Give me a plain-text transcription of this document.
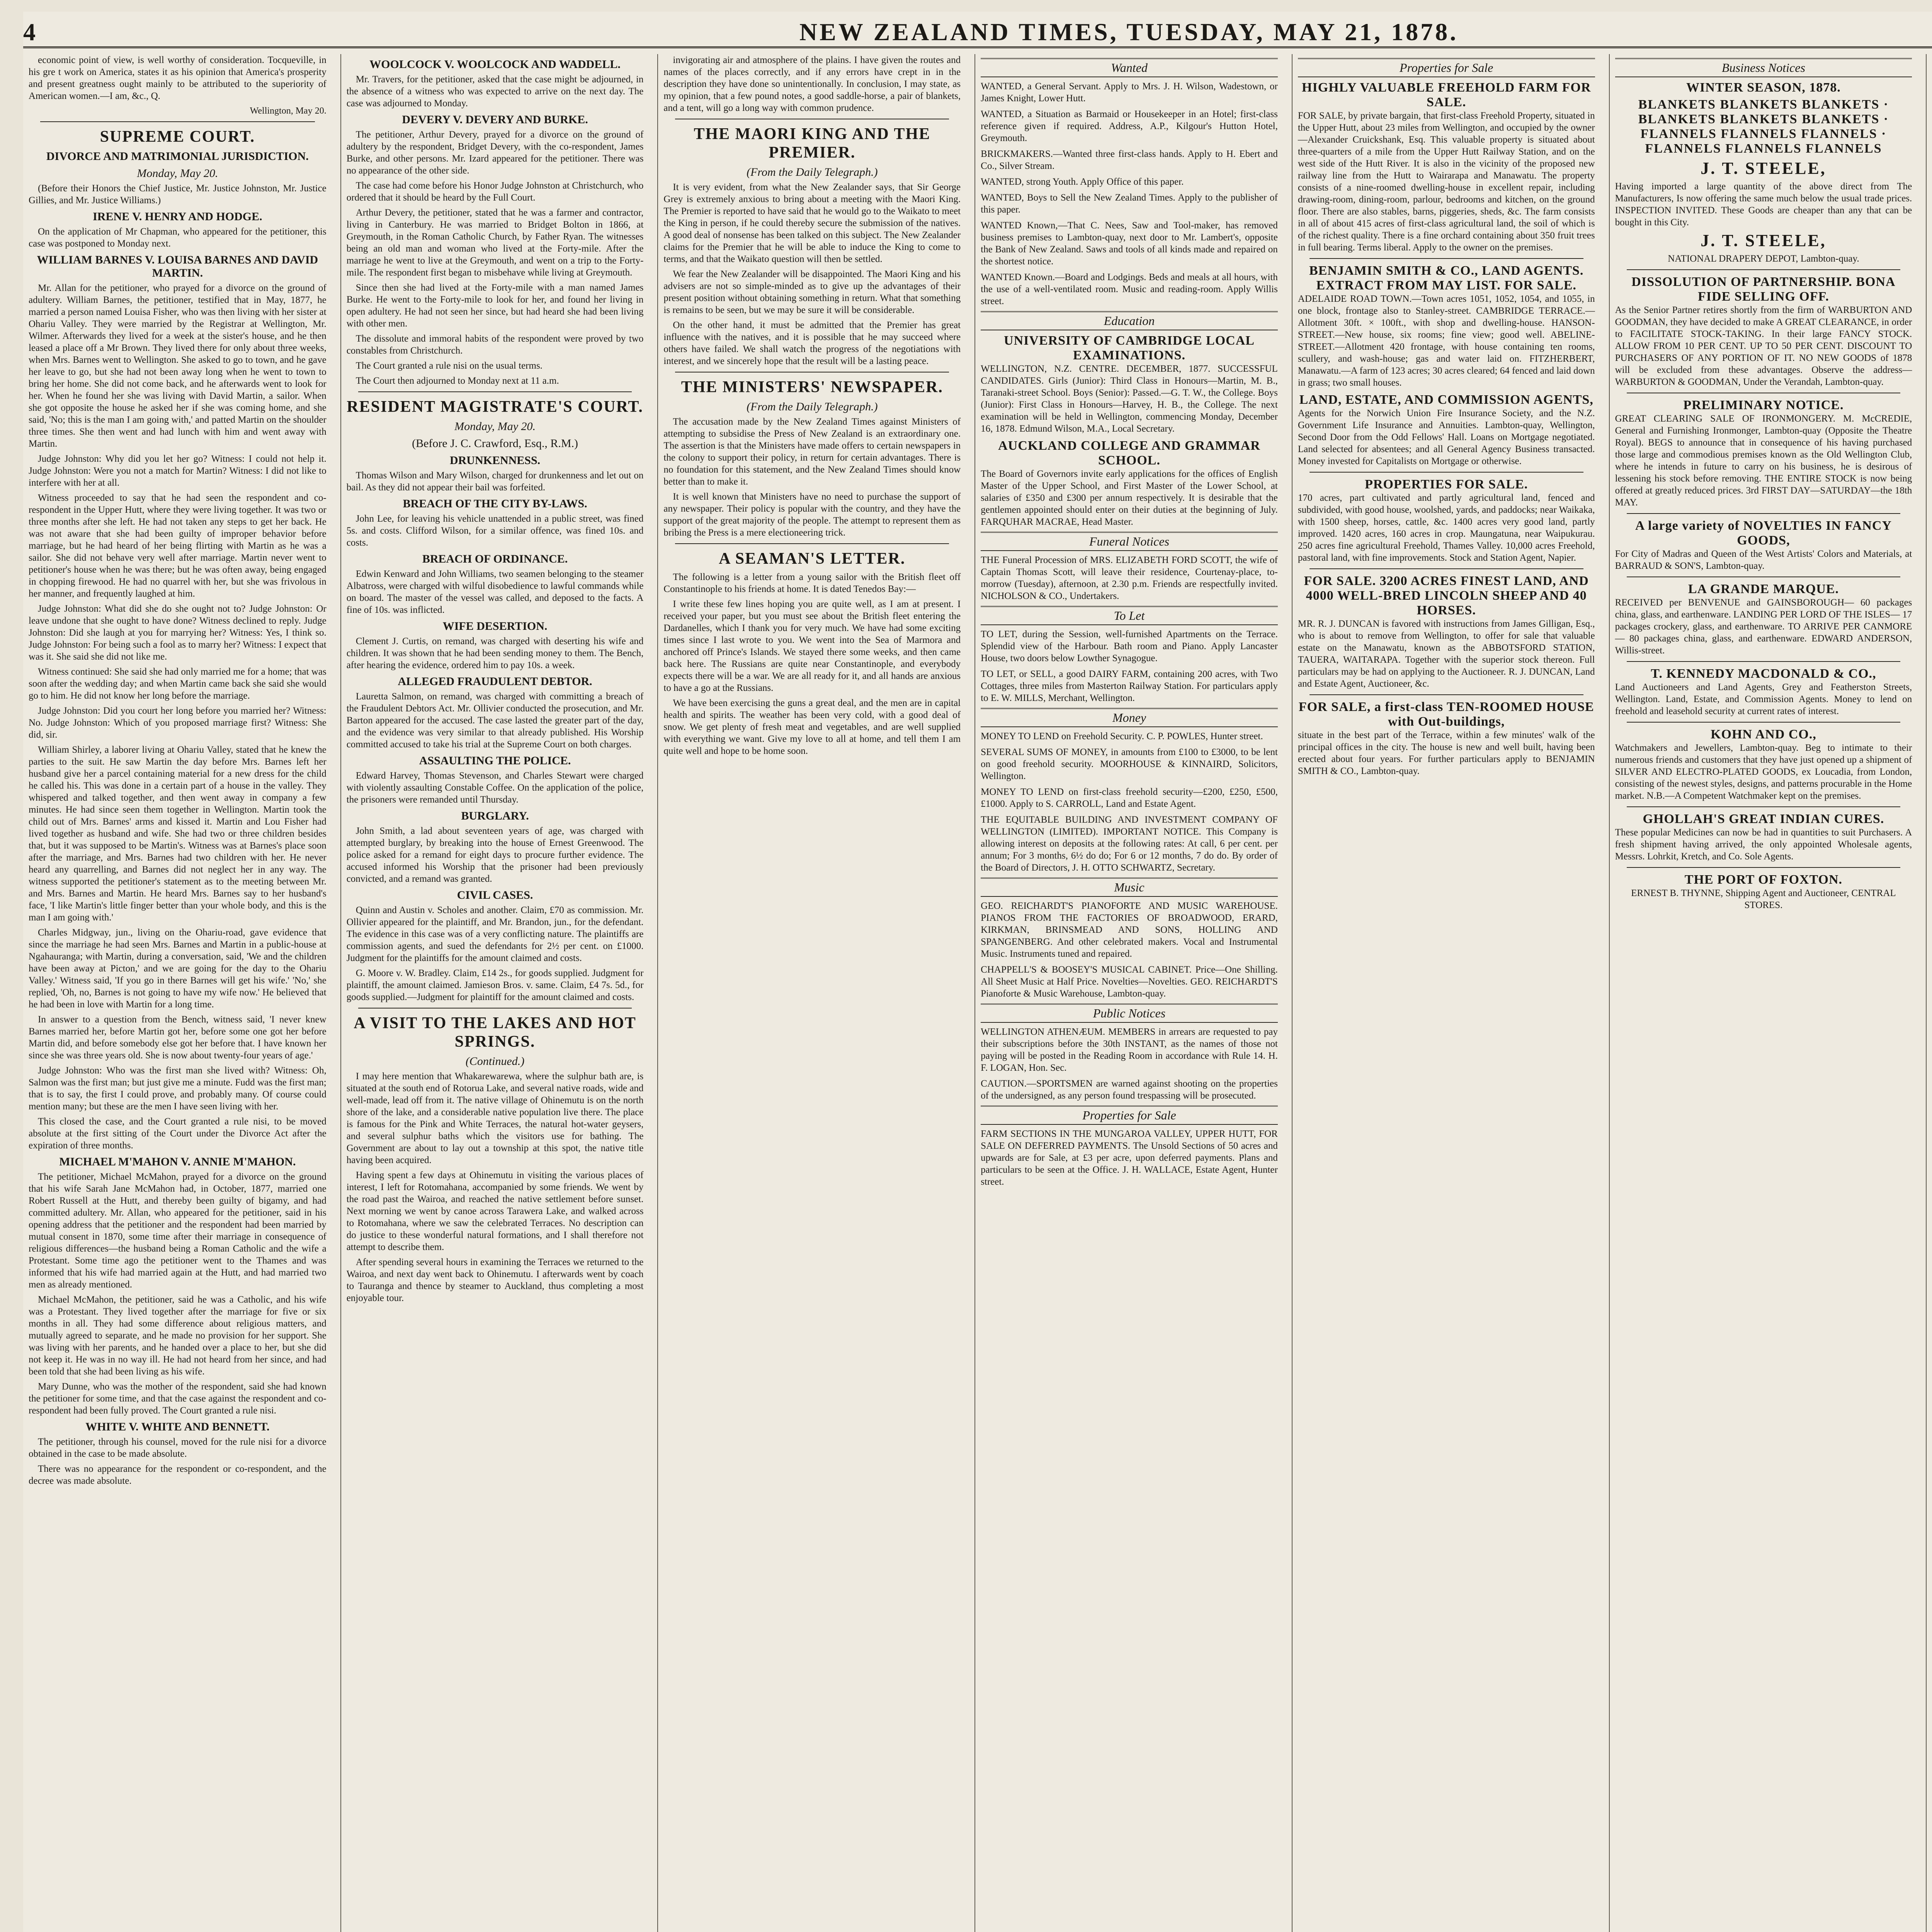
4	NEW ZEALAND TIMES, TUESDAY, MAY 21, 1878.

economic point of view, is well worthy of consideration. Tocqueville, in his gre t work on America, states it as his opinion that America's prosperity and present greatness ought mainly to be attributed to the superiority of American women.—I am, &c., Q.

Wellington, May 20.
SUPREME COURT.
DIVORCE AND MATRIMONIAL JURISDICTION.
Monday, May 20.

(Before their Honors the Chief Justice, Mr. Justice Johnston, Mr. Justice Gillies, and Mr. Justice Williams.)

IRENE V. HENRY AND HODGE.

On the application of Mr Chapman, who appeared for the petitioner, this case was postponed to Monday next.

WILLIAM BARNES V. LOUISA BARNES AND DAVID MARTIN.

Mr. Allan for the petitioner, who prayed for a divorce on the ground of adultery. William Barnes, the petitioner, testified that in May, 1877, he married a person named Louisa Fisher, who was then living with her sister at Ohariu Valley. They were married by the Registrar at Wellington, Mr. Wilmer. Afterwards they lived for a week at the sister's house, and he then leased a place off a Mr Brown. They lived there for only about three weeks, when Mrs. Barnes went to Wellington. She asked to go to town, and he gave her leave to go, but she had not been away long when he went to town to bring her home. She did not come back, and he afterwards went to look for her. When he found her she was living with David Martin, a sailor. When she got opposite the house he asked her if she was coming home, and she said, 'No; this is the man I am going with,' and patted Martin on the shoulder three times. She then went and had lunch with him and went away with Martin.

Judge Johnston: Why did you let her go? Witness: I could not help it. Judge Johnston: Were you not a match for Martin? Witness: I did not like to interfere with her at all.

Witness proceeded to say that he had seen the respondent and co-respondent in the Upper Hutt, where they were living together. It was two or three months after she left. He had not taken any steps to get her back. He was not aware that she had been guilty of improper behavior before marriage, but he had heard of her being flirting with Martin as he was a sailor. She did not behave very well after marriage. Martin never went to petitioner's house when he was there; but he was often away, being engaged in chopping firewood. He had no quarrel with her, but she was frivolous in her manner, and frequently laughed at him.

Judge Johnston: What did she do she ought not to? Judge Johnston: Or leave undone that she ought to have done? Witness declined to reply. Judge Johnston: Did she laugh at you for marrying her? Witness: Yes, I think so. Judge Johnston: For being such a fool as to marry her? Witness: I expect that was it. She said she did not like me.

Witness continued: She said she had only married me for a home; that was soon after the wedding day; and when Martin came back she said she would go to him. He did not know her long before the marriage.

Judge Johnston: Did you court her long before you married her? Witness: No. Judge Johnston: Which of you proposed marriage first? Witness: She did, sir.

William Shirley, a laborer living at Ohariu Valley, stated that he knew the parties to the suit. He saw Martin the day before Mrs. Barnes left her husband give her a parcel containing material for a new dress for the child he called his. This was done in a certain part of a house in the valley. They whispered and talked together, and then went away in company a few minutes. He had since seen them together in Wellington. Martin took the child out of Mrs. Barnes' arms and kissed it. Martin and Lou Fisher had lived together as husband and wife. She had two or three children besides that, but it was supposed to be Martin's. Witness was at Barnes's place soon after the marriage, and Mrs. Barnes had two children with her. He never heard any quarrelling, and Barnes did not neglect her in any way. The witness supported the petitioner's statement as to the meeting between Mr. and Mrs. Barnes and Martin. He heard Mrs. Barnes say to her husband's face, 'I like Martin's little finger better than your whole body, and this is the man I am going with.'

Charles Midgway, jun., living on the Ohariu-road, gave evidence that since the marriage he had seen Mrs. Barnes and Martin in a public-house at Ngahauranga; with Martin, during a conversation, said, 'We and the children have been away at Picton,' and we are going for the day to the Ohariu Valley.' Witness said, 'If you go in there Barnes will get his wife.' 'No,' she replied, 'Oh, no, Barnes is not going to have my wife now.' He believed that he had been in love with Martin for a long time.

In answer to a question from the Bench, witness said, 'I never knew Barnes married her, before Martin got her, before some one got her before Martin did, and before somebody else got her before that. I have known her since she was three years old. She is now about twenty-four years of age.'

Judge Johnston: Who was the first man she lived with? Witness: Oh, Salmon was the first man; but just give me a minute. Fudd was the first man; that is to say, the first I could prove, and probably many. Of course could mention many; but these are the men I have seen living with her.

This closed the case, and the Court granted a rule nisi, to be moved absolute at the first sitting of the Court under the Divorce Act after the expiration of three months.

MICHAEL M'MAHON V. ANNIE M'MAHON.

The petitioner, Michael McMahon, prayed for a divorce on the ground that his wife Sarah Jane McMahon had, in October, 1877, married one Robert Russell at the Hutt, and thereby been guilty of bigamy, and had committed adultery. Mr. Allan, who appeared for the petitioner, said in his opening address that the petitioner and the respondent had been married by mutual consent in 1870, some time after their marriage in consequence of religious differences—the husband being a Roman Catholic and the wife a Protestant. Some time ago the petitioner went to the Thames and was informed that his wife had married again at the Hutt, and had married two men as already mentioned.

Michael McMahon, the petitioner, said he was a Catholic, and his wife was a Protestant. They lived together after the marriage for five or six months in all. They had some difference about religious matters, and mutually agreed to separate, and he made no provision for her support. She was living with her parents, and he handed over a place to her, but she did not keep it. He was in no way ill. He had not heard from her since, and had been told that she had been living as his wife.

Mary Dunne, who was the mother of the respondent, said she had known the petitioner for some time, and that the case against the respondent and co-respondent had been fully proved. The Court granted a rule nisi.

WHITE V. WHITE AND BENNETT.

The petitioner, through his counsel, moved for the rule nisi for a divorce obtained in the case to be made absolute.

There was no appearance for the respondent or co-respondent, and the decree was made absolute.

WOOLCOCK V. WOOLCOCK AND WADDELL.

Mr. Travers, for the petitioner, asked that the case might be adjourned, in the absence of a witness who was expected to arrive on the next day. The case was adjourned to Monday.

DEVERY V. DEVERY AND BURKE.

The petitioner, Arthur Devery, prayed for a divorce on the ground of adultery by the respondent, Bridget Devery, with the co-respondent, James Burke, and other persons. Mr. Izard appeared for the petitioner. There was no appearance of the other side.

The case had come before his Honor Judge Johnston at Christchurch, who ordered that it should be heard by the Full Court.

Arthur Devery, the petitioner, stated that he was a farmer and contractor, living in Canterbury. He was married to Bridget Bolton in 1866, at Greymouth, in the Roman Catholic Church, by Father Ryan. The witnesses being an old man and woman who lived at the Forty-mile. After the marriage he went to live at the Greymouth, and went on a trip to the Forty-mile. The respondent first began to misbehave while living at Greymouth.

Since then she had lived at the Forty-mile with a man named James Burke. He went to the Forty-mile to look for her, and found her living in open adultery. He had not seen her since, but had heard she had been living with other men.

The dissolute and immoral habits of the respondent were proved by two constables from Christchurch.

The Court granted a rule nisi on the usual terms.

The Court then adjourned to Monday next at 11 a.m.

RESIDENT MAGISTRATE'S COURT.
Monday, May 20.
(Before J. C. Crawford, Esq., R.M.)
DRUNKENNESS.

Thomas Wilson and Mary Wilson, charged for drunkenness and let out on bail. As they did not appear their bail was forfeited.

BREACH OF THE CITY BY-LAWS.

John Lee, for leaving his vehicle unattended in a public street, was fined 5s. and costs. Clifford Wilson, for a similar offence, was fined 10s. and costs.

BREACH OF ORDINANCE.

Edwin Kenward and John Williams, two seamen belonging to the steamer Albatross, were charged with wilful disobedience to lawful commands while on board. The master of the vessel was called, and deposed to the facts. A fine of 10s. was inflicted.

WIFE DESERTION.

Clement J. Curtis, on remand, was charged with deserting his wife and children. It was shown that he had been sending money to them. The Bench, after hearing the evidence, ordered him to pay 10s. a week.

ALLEGED FRAUDULENT DEBTOR.

Lauretta Salmon, on remand, was charged with committing a breach of the Fraudulent Debtors Act. Mr. Ollivier conducted the prosecution, and Mr. Barton appeared for the accused. The case lasted the greater part of the day, and the evidence was very similar to that already published. His Worship committed accused to take his trial at the Supreme Court on both charges.

ASSAULTING THE POLICE.

Edward Harvey, Thomas Stevenson, and Charles Stewart were charged with violently assaulting Constable Coffee. On the application of the police, the prisoners were remanded until Thursday.

BURGLARY.

John Smith, a lad about seventeen years of age, was charged with attempted burglary, by breaking into the house of Ernest Greenwood. The police asked for a remand for eight days to procure further evidence. The accused informed his Worship that the prisoner had been previously convicted, and a remand was granted.

CIVIL CASES.

Quinn and Austin v. Scholes and another. Claim, £70 as commission. Mr. Ollivier appeared for the plaintiff, and Mr. Brandon, jun., for the defendant. The evidence in this case was of a very conflicting nature. The plaintiffs are commission agents, and sued the defendants for 2½ per cent. on £1000. Judgment for the plaintiffs for the amount claimed and costs.

G. Moore v. W. Bradley. Claim, £14 2s., for goods supplied. Judgment for plaintiff, the amount claimed. Jamieson Bros. v. same. Claim, £4 7s. 5d., for goods supplied.—Judgment for plaintiff for the amount claimed and costs.

A VISIT TO THE LAKES AND HOT SPRINGS.
(Continued.)

I may here mention that Whakarewarewa, where the sulphur bath are, is situated at the south end of Rotorua Lake, and several native roads, wide and well-made, lead off from it. The native village of Ohinemutu is on the north shore of the lake, and a considerable native population live there. The place is famous for the Pink and White Terraces, the natural hot-water geysers, and several sulphur baths which the visitors use for bathing. The Government are about to lay out a township at this spot, the native title having been acquired.

Having spent a few days at Ohinemutu in visiting the various places of interest, I left for Rotomahana, accompanied by some friends. We went by the road past the Wairoa, and reached the native settlement before sunset. Next morning we went by canoe across Tarawera Lake, and walked across to Rotomahana, where we saw the celebrated Terraces. No description can do justice to these wonderful natural formations, and I shall therefore not attempt to describe them.

After spending several hours in examining the Terraces we returned to the Wairoa, and next day went back to Ohinemutu. I afterwards went by coach to Tauranga and thence by steamer to Auckland, thus completing a most enjoyable tour.

invigorating air and atmosphere of the plains. I have given the routes and names of the places correctly, and if any errors have crept in in the description they have done so unintentionally. In conclusion, I may state, as my opinion, that a few pound notes, a good saddle-horse, a pair of blankets, and a tent, will go a long way with common prudence.

THE MAORI KING AND THE PREMIER.
(From the Daily Telegraph.)

It is very evident, from what the New Zealander says, that Sir George Grey is extremely anxious to bring about a meeting with the Maori King. The Premier is reported to have said that he would go to the Waikato to meet the King in person, if he could thereby secure the submission of the natives. A good deal of nonsense has been talked on this subject. The New Zealander claims for the Premier that he will be able to induce the King to come to terms, and that the Waikato question will then be settled.

We fear the New Zealander will be disappointed. The Maori King and his advisers are not so simple-minded as to give up the advantages of their present position without obtaining something in return. What that something is remains to be seen, but we may be sure it will be considerable.

On the other hand, it must be admitted that the Premier has great influence with the natives, and it is possible that he may succeed where others have failed. We shall watch the progress of the negotiations with interest, and we sincerely hope that the result will be a lasting peace.

THE MINISTERS' NEWSPAPER.
(From the Daily Telegraph.)

The accusation made by the New Zealand Times against Ministers of attempting to subsidise the Press of New Zealand is an extraordinary one. The assertion is that the Ministers have made offers to certain newspapers in the colony to support their policy, in return for certain advantages. There is no foundation for this statement, and the New Zealand Times should know better than to make it.

It is well known that Ministers have no need to purchase the support of any newspaper. Their policy is popular with the country, and they have the support of the great majority of the people. The attempt to represent them as bribing the Press is a mere electioneering trick.

A SEAMAN'S LETTER.

The following is a letter from a young sailor with the British fleet off Constantinople to his friends at home. It is dated Tenedos Bay:—

I write these few lines hoping you are quite well, as I am at present. I received your paper, but you must see about the British fleet entering the Dardanelles, which I thank you for very much. We have had some exciting times since I last wrote to you. We went into the Sea of Marmora and anchored off Prince's Islands. We stayed there some weeks, and then came back here. The Russians are quite near Constantinople, and everybody expects there will be a war. We are all ready for it, and all hands are anxious to have a go at the Russians.

We have been exercising the guns a great deal, and the men are in capital health and spirits. The weather has been very cold, with a good deal of snow. We get plenty of fresh meat and vegetables, and are well supplied with everything we want. Give my love to all at home, and tell them I am quite well and hope to be home soon.

Wanted
WANTED, a General Servant. Apply to Mrs. J. H. Wilson, Wadestown, or James Knight, Lower Hutt.
WANTED, a Situation as Barmaid or Housekeeper in an Hotel; first-class reference given if required. Address, A.P., Kilgour's Hutton Hotel, Greymouth.
BRICKMAKERS.—Wanted three first-class hands. Apply to H. Ebert and Co., Silver Stream.
WANTED, strong Youth. Apply Office of this paper.
WANTED, Boys to Sell the New Zealand Times. Apply to the publisher of this paper.
WANTED Known,—That C. Nees, Saw and Tool-maker, has removed business premises to Lambton-quay, next door to Mr. Lambert's, opposite the Bank of New Zealand. Saws and tools of all kinds made and repaired on the shortest notice.
WANTED Known.—Board and Lodgings. Beds and meals at all hours, with the use of a well-ventilated room. Music and reading-room. Apply Willis street.
Education
UNIVERSITY OF CAMBRIDGE LOCAL EXAMINATIONS.
WELLINGTON, N.Z. CENTRE. DECEMBER, 1877. SUCCESSFUL CANDIDATES. Girls (Junior): Third Class in Honours—Martin, M. B., Taranaki-street School. Boys (Senior): Passed.—G. T. W., the College. Boys (Junior): First Class in Honours—Harvey, H. B., the College. The next examination will be held in Wellington, commencing Monday, December 16, 1878. Edmund Wilson, M.A., Local Secretary.
AUCKLAND COLLEGE AND GRAMMAR SCHOOL.
The Board of Governors invite early applications for the offices of English Master of the Upper School, and First Master of the Lower School, at salaries of £350 and £300 per annum respectively. It is desirable that the gentlemen appointed should enter on their duties at the beginning of July. FARQUHAR MACRAE, Head Master.
Funeral Notices
THE Funeral Procession of MRS. ELIZABETH FORD SCOTT, the wife of Captain Thomas Scott, will leave their residence, Courtenay-place, to-morrow (Tuesday), afternoon, at 2.30 p.m. Friends are respectfully invited. NICHOLSON & CO., Undertakers.
To Let
TO LET, during the Session, well-furnished Apartments on the Terrace. Splendid view of the Harbour. Bath room and Piano. Apply Lancaster House, two doors below Lowther Synagogue.
TO LET, or SELL, a good DAIRY FARM, containing 200 acres, with Two Cottages, three miles from Masterton Railway Station. For particulars apply to E. W. MILLS, Merchant, Wellington.
Money
MONEY TO LEND on Freehold Security. C. P. POWLES, Hunter street.
SEVERAL SUMS OF MONEY, in amounts from £100 to £3000, to be lent on good freehold security. MOORHOUSE & KINNAIRD, Solicitors, Wellington.
MONEY TO LEND on first-class freehold security—£200, £250, £500, £1000. Apply to S. CARROLL, Land and Estate Agent.
THE EQUITABLE BUILDING AND INVESTMENT COMPANY OF WELLINGTON (LIMITED). IMPORTANT NOTICE. This Company is allowing interest on deposits at the following rates: At call, 6 per cent. per annum; For 3 months, 6½ do do; For 6 or 12 months, 7 do do. By order of the Board of Directors, J. H. OTTO SCHWARTZ, Secretary.
Music
GEO. REICHARDT'S PIANOFORTE AND MUSIC WAREHOUSE. PIANOS FROM THE FACTORIES OF BROADWOOD, ERARD, KIRKMAN, BRINSMEAD AND SONS, HOLLING AND SPANGENBERG. And other celebrated makers. Vocal and Instrumental Music. Instruments tuned and repaired.
CHAPPELL'S & BOOSEY'S MUSICAL CABINET. Price—One Shilling. All Sheet Music at Half Price. Novelties—Novelties. GEO. REICHARDT'S Pianoforte & Music Warehouse, Lambton-quay.
Public Notices
WELLINGTON ATHENÆUM. MEMBERS in arrears are requested to pay their subscriptions before the 30th INSTANT, as the names of those not paying will be posted in the Reading Room in accordance with Rule 14. H. F. LOGAN, Hon. Sec.
CAUTION.—SPORTSMEN are warned against shooting on the properties of the undersigned, as any person found trespassing will be prosecuted.
Properties for Sale
FARM SECTIONS IN THE MUNGAROA VALLEY, UPPER HUTT, FOR SALE ON DEFERRED PAYMENTS. The Unsold Sections of 50 acres and upwards are for Sale, at £3 per acre, upon deferred payments. Plans and particulars to be seen at the Office. J. H. WALLACE, Estate Agent, Hunter street.
Properties for Sale
HIGHLY VALUABLE FREEHOLD FARM FOR SALE.
FOR SALE, by private bargain, that first-class Freehold Property, situated in the Upper Hutt, about 23 miles from Wellington, and occupied by the owner—Alexander Cruickshank, Esq. This valuable property is situated about three-quarters of a mile from the Upper Hutt Railway Station, and on the west side of the Hutt River. It is also in the vicinity of the proposed new railway line from the Hutt to Wairarapa and Manawatu. The property consists of a nine-roomed dwelling-house in excellent repair, including drawing-room, dining-room, parlour, bedrooms and kitchen, on the ground floor. There are also stables, barns, piggeries, sheds, &c. The farm consists in all of about 415 acres of first-class agricultural land, the soil of which is of the richest quality. There is a fine orchard containing about 350 fruit trees in full bearing. Terms liberal. Apply to the owner on the premises.
BENJAMIN SMITH & CO., LAND AGENTS. EXTRACT FROM MAY LIST. FOR SALE.
ADELAIDE ROAD TOWN.—Town acres 1051, 1052, 1054, and 1055, in one block, frontage also to Stanley-street. CAMBRIDGE TERRACE.—Allotment 30ft. × 100ft., with shop and dwelling-house. HANSON-STREET.—New house, six rooms; fine view; good well. ABELINE-STREET.—Allotment 420 frontage, with house containing ten rooms, scullery, and wash-house; gas and water laid on. FITZHERBERT, Manawatu.—A farm of 123 acres; 30 acres cleared; 64 fenced and laid down in grass; two small houses.
LAND, ESTATE, AND COMMISSION AGENTS,
Agents for the Norwich Union Fire Insurance Society, and the N.Z. Government Life Insurance and Annuities. Lambton-quay, Wellington, Second Door from the Odd Fellows' Hall. Loans on Mortgage negotiated. Land selected for absentees; and all General Agency Business transacted. Money invested for Capitalists on Mortgage or otherwise.
PROPERTIES FOR SALE.
170 acres, part cultivated and partly agricultural land, fenced and subdivided, with good house, woolshed, yards, and paddocks; near Waikaka, with 1500 sheep, horses, cattle, &c. 1400 acres very good land, partly improved. 1420 acres, 160 acres in crop. Maungatuna, near Waipukurau. 250 acres fine agricultural Freehold, Thames Valley. 10,000 acres Freehold, pastoral land, with fine improvements. Stock and Station Agent, Napier.
FOR SALE. 3200 ACRES FINEST LAND, AND 4000 WELL-BRED LINCOLN SHEEP AND 40 HORSES.
MR. R. J. DUNCAN is favored with instructions from James Gilligan, Esq., who is about to remove from Wellington, to offer for sale that valuable estate on the Manawatu, known as the ABBOTSFORD STATION, TAUERA, WAITARAPA. Together with the superior stock thereon. Full particulars may be had on applying to the Auctioneer. R. J. DUNCAN, Land and Estate Agent, Auctioneer, &c.
FOR SALE, a first-class TEN-ROOMED HOUSE with Out-buildings,
situate in the best part of the Terrace, within a few minutes' walk of the principal offices in the city. The house is new and well built, having been erected about four years. For further particulars apply to BENJAMIN SMITH & CO., Lambton-quay.
Business Notices
WINTER SEASON, 1878.
BLANKETS BLANKETS BLANKETS · BLANKETS BLANKETS BLANKETS · FLANNELS FLANNELS FLANNELS · FLANNELS FLANNELS FLANNELS
J. T. STEELE,
Having imported a large quantity of the above direct from The Manufacturers, Is now offering the same much below the usual trade prices. INSPECTION INVITED. These Goods are cheaper than any that can be bought in this City.
J. T. STEELE,
NATIONAL DRAPERY DEPOT, Lambton-quay.
DISSOLUTION OF PARTNERSHIP. BONA FIDE SELLING OFF.
As the Senior Partner retires shortly from the firm of WARBURTON AND GOODMAN, they have decided to make A GREAT CLEARANCE, in order to FACILITATE STOCK-TAKING. In their large FANCY STOCK. ALLOW FROM 10 PER CENT. UP TO 50 PER CENT. DISCOUNT TO PURCHASERS OF ANY PORTION OF IT. NO NEW GOODS of 1878 will be excluded from these advantages. Observe the address—WARBURTON & GOODMAN, Under the Verandah, Lambton-quay.
PRELIMINARY NOTICE.
GREAT CLEARING SALE OF IRONMONGERY. M. McCREDIE, General and Furnishing Ironmonger, Lambton-quay (Opposite the Theatre Royal). BEGS to announce that in consequence of his having purchased those large and commodious premises known as the Old Wellington Club, where he intends in future to carry on his business, he is desirous of lessening his stock before removing. THE ENTIRE STOCK is now being offered at greatly reduced prices. 3rd FIRST DAY—SATURDAY—the 18th MAY.
A large variety of NOVELTIES IN FANCY GOODS,
For City of Madras and Queen of the West Artists' Colors and Materials, at BARRAUD & SON'S, Lambton-quay.
LA GRANDE MARQUE.
RECEIVED per BENVENUE and GAINSBOROUGH— 60 packages china, glass, and earthenware. LANDING PER LORD OF THE ISLES— 17 packages crockery, glass, and earthenware. TO ARRIVE PER CANMORE— 80 packages china, glass, and earthenware. EDWARD ANDERSON, Willis-street.
T. KENNEDY MACDONALD & CO.,
Land Auctioneers and Land Agents, Grey and Featherston Streets, Wellington. Land, Estate, and Commission Agents. Money to lend on freehold and leasehold security at current rates of interest.
KOHN AND CO.,
Watchmakers and Jewellers, Lambton-quay. Beg to intimate to their numerous friends and customers that they have just opened up a shipment of SILVER AND ELECTRO-PLATED GOODS, ex Loucadia, from London, consisting of the newest styles, designs, and patterns procurable in the Home market. N.B.—A Competent Watchmaker kept on the premises.
GHOLLAH'S GREAT INDIAN CURES.
These popular Medicines can now be had in quantities to suit Purchasers. A fresh shipment having arrived, the only appointed Wholesale agents, Messrs. Lohrkit, Kretch, and Co. Sole Agents.
THE PORT OF FOXTON.
ERNEST B. THYNNE, Shipping Agent and Auctioneer, CENTRAL STORES.
